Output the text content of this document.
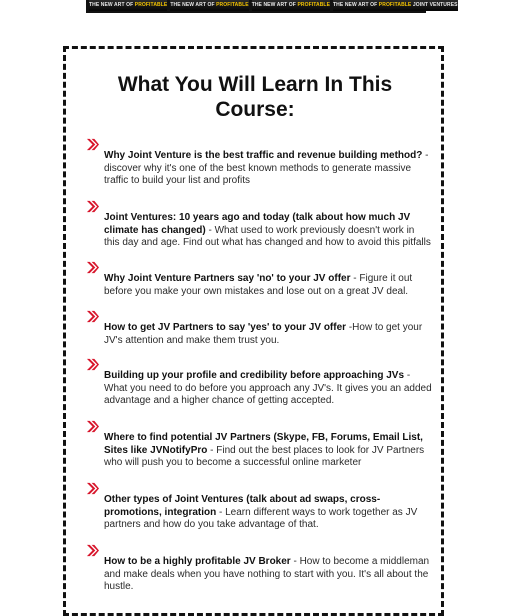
THE NEW ART OF PROFITABLE THE NEW ART OF PROFITABLE THE NEW ART OF PROFITABLE THE NEW ART OF PROFITABLE JOINT VENTURES
What You Will Learn In This
Course:
Why Joint Venture is the best traffic and revenue building method? - discover why it's one of the best known methods to generate massive traffic to build your list and profits
Joint Ventures: 10 years ago and today (talk about how much JV climate has changed) - What used to work previously doesn't work in this day and age. Find out what has changed and how to avoid this pitfalls
Why Joint Venture Partners say 'no' to your JV offer - Figure it out before you make your own mistakes and lose out on a great JV deal.
How to get JV Partners to say 'yes' to your JV offer -How to get your JV's attention and make them trust you.
Building up your profile and credibility before approaching JVs - What you need to do before you approach any JV's. It gives you an added advantage and a higher chance of getting accepted.
Where to find potential JV Partners (Skype, FB, Forums, Email List, Sites like JVNotifyPro - Find out the best places to look for JV Partners who will push you to become a successful online marketer
Other types of Joint Ventures (talk about ad swaps, cross-promotions, integration - Learn different ways to work together as JV partners and how do you take advantage of that.
How to be a highly profitable JV Broker - How to become a middleman and make deals when you have nothing to start with you. It's all about the hustle.
